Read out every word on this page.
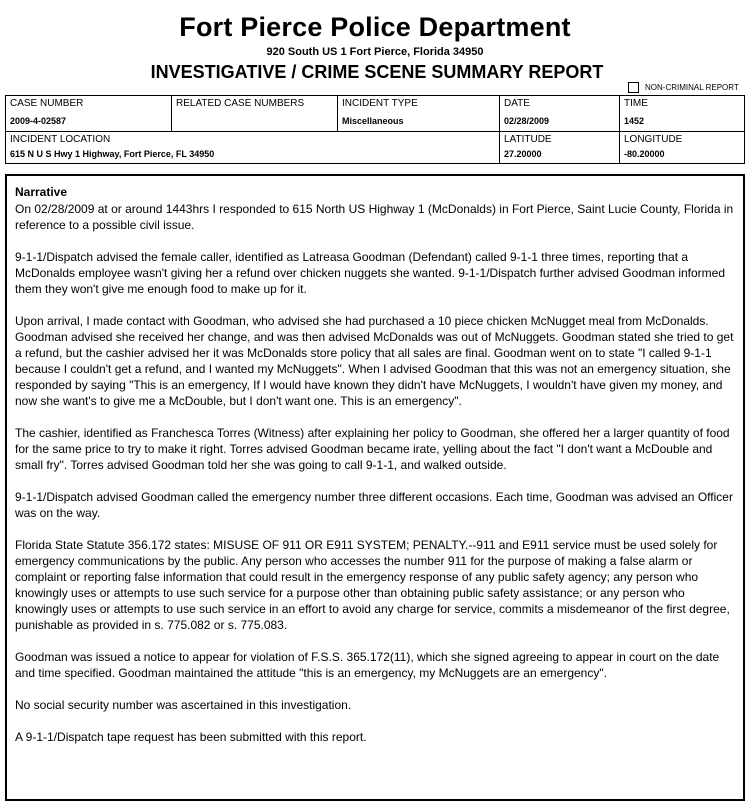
Fort Pierce Police Department
920 South US 1 Fort Pierce, Florida 34950
INVESTIGATIVE / CRIME SCENE SUMMARY REPORT
NON-CRIMINAL REPORT
CASE NUMBER
2009-4-02587
RELATED CASE NUMBERS	INCIDENT TYPE
Miscellaneous
DATE
02/28/2009
TIME
1452
INCIDENT LOCATION
615 N U S Hwy 1 Highway, Fort Pierce, FL 34950
LATITUDE
27.20000
LONGITUDE
-80.20000
Narrative

On 02/28/2009 at or around 1443hrs I responded to 615 North US Highway 1 (McDonalds) in Fort Pierce, Saint Lucie County, Florida in reference to a possible civil issue.

9-1-1/Dispatch advised the female caller, identified as Latreasa Goodman (Defendant) called 9-1-1 three times, reporting that a McDonalds employee wasn't giving her a refund over chicken nuggets she wanted. 9-1-1/Dispatch further advised Goodman informed them they won't give me enough food to make up for it.

Upon arrival, I made contact with Goodman, who advised she had purchased a 10 piece chicken McNugget meal from McDonalds. Goodman advised she received her change, and was then advised McDonalds was out of McNuggets. Goodman stated she tried to get a refund, but the cashier advised her it was McDonalds store policy that all sales are final. Goodman went on to state "I called 9-1-1 because I couldn't get a refund, and I wanted my McNuggets". When I advised Goodman that this was not an emergency situation, she responded by saying "This is an emergency, If I would have known they didn't have McNuggets, I wouldn't have given my money, and now she want's to give me a McDouble, but I don't want one. This is an emergency".

The cashier, identified as Franchesca Torres (Witness) after explaining her policy to Goodman, she offered her a larger quantity of food for the same price to try to make it right. Torres advised Goodman became irate, yelling about the fact "I don't want a McDouble and small fry". Torres advised Goodman told her she was going to call 9-1-1, and walked outside.

9-1-1/Dispatch advised Goodman called the emergency number three different occasions. Each time, Goodman was advised an Officer was on the way.

Florida State Statute 356.172 states: MISUSE OF 911 OR E911 SYSTEM; PENALTY.--911 and E911 service must be used solely for emergency communications by the public. Any person who accesses the number 911 for the purpose of making a false alarm or complaint or reporting false information that could result in the emergency response of any public safety agency; any person who knowingly uses or attempts to use such service for a purpose other than obtaining public safety assistance; or any person who knowingly uses or attempts to use such service in an effort to avoid any charge for service, commits a misdemeanor of the first degree, punishable as provided in s. 775.082 or s. 775.083.

Goodman was issued a notice to appear for violation of F.S.S. 365.172(11), which she signed agreeing to appear in court on the date and time specified. Goodman maintained the attitude "this is an emergency, my McNuggets are an emergency".

No social security number was ascertained in this investigation.

A 9-1-1/Dispatch tape request has been submitted with this report.
